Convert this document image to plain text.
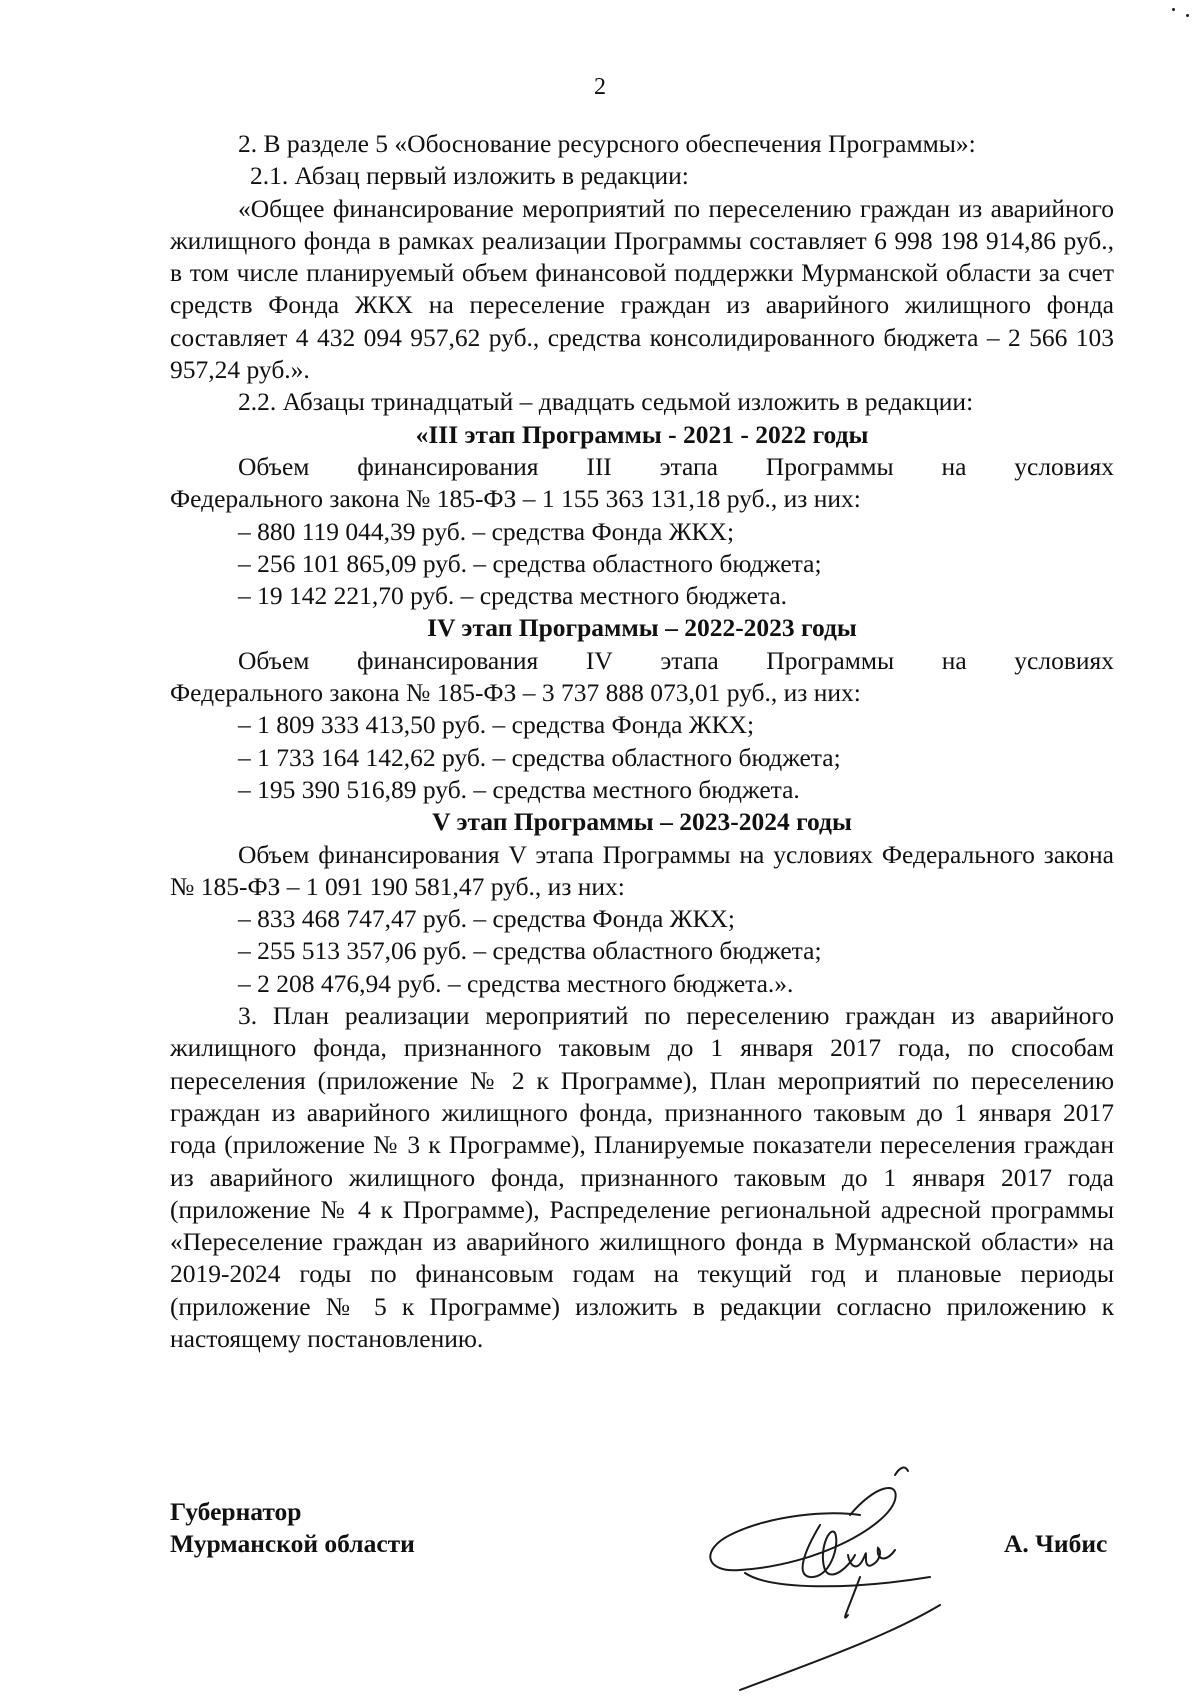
2

2. В разделе 5 «Обоснование ресурсного обеспечения Программы»:

2.1. Абзац первый изложить в редакции:

«Общее финансирование мероприятий по переселению граждан из аварийного жилищного фонда в рамках реализации Программы составляет 6 998 198 914,86 руб., в том числе планируемый объем финансовой поддержки Мурманской области за счет средств Фонда ЖКХ на переселение граждан из аварийного жилищного фонда составляет 4 432 094 957,62 руб., средства консолидированного бюджета – 2 566 103 957,24 руб.».

2.2. Абзацы тринадцатый – двадцать седьмой изложить в редакции:

«III этап Программы - 2021 - 2022 годы

Объем финансирования III этапа Программы на условиях

Федерального закона № 185-ФЗ – 1 155 363 131,18 руб., из них:

– 880 119 044,39 руб. – средства Фонда ЖКХ;

– 256 101 865,09 руб. – средства областного бюджета;

– 19 142 221,70 руб. – средства местного бюджета.

IV этап Программы – 2022-2023 годы

Объем финансирования IV этапа Программы на условиях

Федерального закона № 185-ФЗ – 3 737 888 073,01 руб., из них:

– 1 809 333 413,50 руб. – средства Фонда ЖКХ;

– 1 733 164 142,62 руб. – средства областного бюджета;

– 195 390 516,89 руб. – средства местного бюджета.

V этап Программы – 2023-2024 годы

Объем финансирования V этапа Программы на условиях Федерального закона № 185-ФЗ – 1 091 190 581,47 руб., из них:

– 833 468 747,47 руб. – средства Фонда ЖКХ;

– 255 513 357,06 руб. – средства областного бюджета;

– 2 208 476,94 руб. – средства местного бюджета.».

3. План реализации мероприятий по переселению граждан из аварийного жилищного фонда, признанного таковым до 1 января 2017 года, по способам переселения (приложение № 2 к Программе), План мероприятий по переселению граждан из аварийного жилищного фонда, признанного таковым до 1 января 2017 года (приложение № 3 к Программе), Планируемые показатели переселения граждан из аварийного жилищного фонда, признанного таковым до 1 января 2017 года (приложение № 4 к Программе), Распределение региональной адресной программы «Переселение граждан из аварийного жилищного фонда в Мурманской области» на 2019-2024 годы по финансовым годам на текущий год и плановые периоды (приложение № 5 к Программе) изложить в редакции согласно приложению к настоящему постановлению.

Губернатор
Мурманской области	А. Чибис
